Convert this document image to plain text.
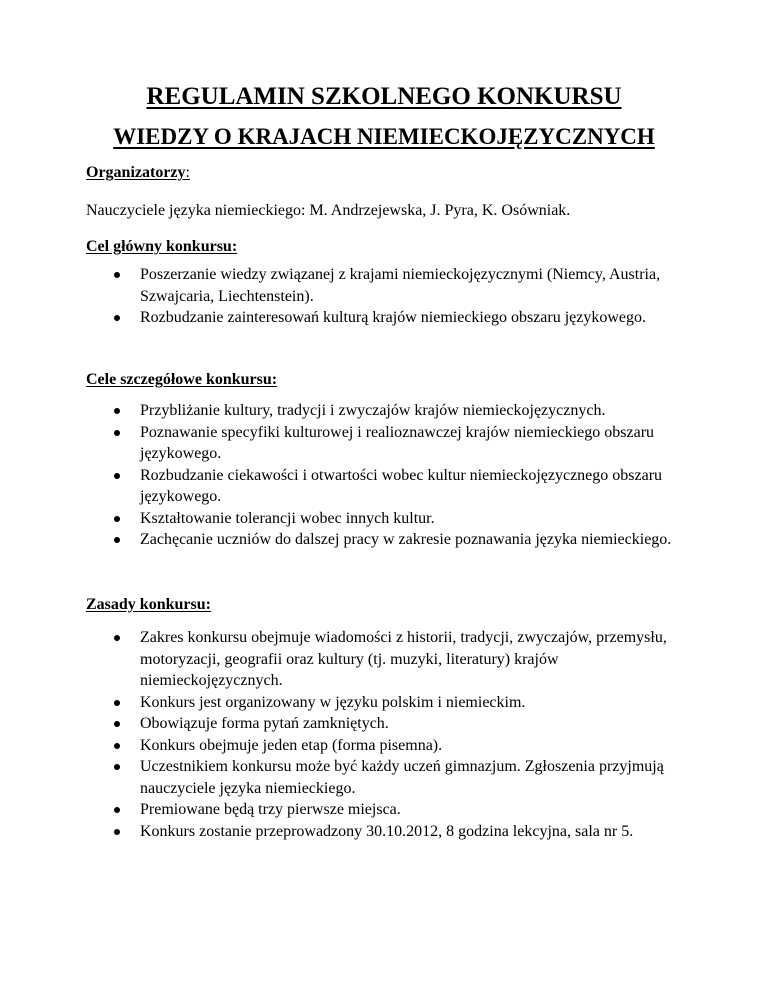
REGULAMIN SZKOLNEGO KONKURSU
WIEDZY O KRAJACH NIEMIECKOJĘZYCZNYCH
Organizatorzy:
Nauczyciele języka niemieckiego: M. Andrzejewska, J. Pyra, K. Osówniak.
Cel główny konkursu:
Poszerzanie wiedzy związanej z krajami niemieckojęzycznymi (Niemcy, Austria, Szwajcaria, Liechtenstein).
Rozbudzanie zainteresowań kulturą krajów niemieckiego obszaru językowego.
Cele szczegółowe konkursu:
Przybliżanie kultury, tradycji i zwyczajów krajów niemieckojęzycznych.
Poznawanie specyfiki kulturowej i realioznawczej krajów niemieckiego obszaru językowego.
Rozbudzanie ciekawości i otwartości wobec kultur niemieckojęzycznego obszaru językowego.
Kształtowanie tolerancji wobec innych kultur.
Zachęcanie uczniów do dalszej pracy w zakresie poznawania języka niemieckiego.
Zasady konkursu:
Zakres konkursu obejmuje wiadomości z historii, tradycji, zwyczajów, przemysłu, motoryzacji, geografii oraz kultury (tj. muzyki, literatury) krajów niemieckojęzycznych.
Konkurs jest organizowany w języku polskim i niemieckim.
Obowiązuje forma pytań zamkniętych.
Konkurs obejmuje jeden etap (forma pisemna).
Uczestnikiem konkursu może być każdy uczeń gimnazjum. Zgłoszenia przyjmują nauczyciele języka niemieckiego.
Premiowane będą trzy pierwsze miejsca.
Konkurs zostanie przeprowadzony 30.10.2012, 8 godzina lekcyjna, sala nr 5.
